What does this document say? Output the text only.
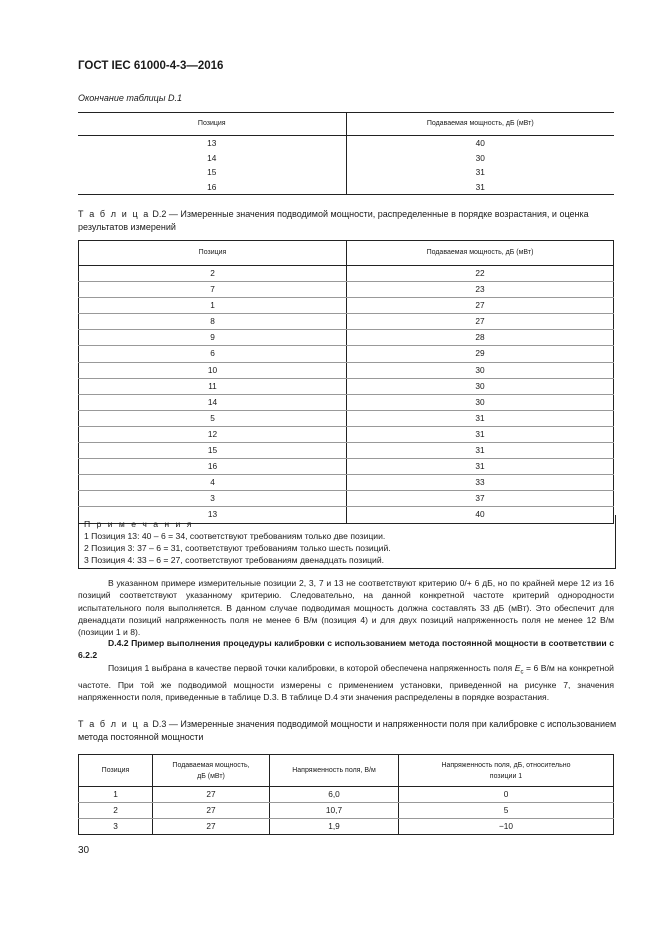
ГОСТ IEC 61000-4-3—2016
Окончание таблицы D.1
Позиция	Подаваемая мощность, дБ (мВт)
13	40
14	30
15	31
16	31
Т а б л и ц а D.2 — Измеренные значения подводимой мощности, распределенные в порядке возрастания, и оценка результатов измерений
Позиция	Подаваемая мощность, дБ (мВт)
2	22
7	23
1	27
8	27
9	28
6	29
10	30
11	30
14	30
5	31
12	31
15	31
16	31
4	33
3	37
13	40
П р и м е ч а н и я
1 Позиция 13: 40 – 6 = 34, соответствуют требованиям только две позиции.
2 Позиция 3: 37 – 6 = 31, соответствуют требованиям только шесть позиций.
3 Позиция 4: 33 – 6 = 27, соответствуют требованиям двенадцать позиций.
В указанном примере измерительные позиции 2, 3, 7 и 13 не соответствуют критерию 0/+ 6 дБ, но по крайней мере 12 из 16 позиций соответствуют указанному критерию. Следовательно, на данной конкретной частоте критерий однородности испытательного поля выполняется. В данном случае подводимая мощность должна составлять 33 дБ (мВт). Это обеспечит для двенадцати позиций напряженность поля не менее 6 В/м (позиция 4) и для двух позиций напряженность поля не менее 12 В/м (позиции 1 и 8).
D.4.2 Пример выполнения процедуры калибровки с использованием метода постоянной мощности в соответствии с 6.2.2
Позиция 1 выбрана в качестве первой точки калибровки, в которой обеспечена напряженность поля $E_c = 6$ В/м на конкретной частоте. При той же подводимой мощности измерены с применением установки, приведенной на рисунке 7, значения напряженности поля, приведенные в таблице D.3. В таблице D.4 эти значения распределены в порядке возрастания.
Т а б л и ц а D.3 — Измеренные значения подводимой мощности и напряженности поля при калибровке с использованием метода постоянной мощности
Позиция	Подаваемая мощность, дБ (мВт)	Напряженность поля, В/м	Напряженность поля, дБ, относительно позиции 1
1	27	6,0	0
2	27	10,7	5
3	27	1,9	−10
30
